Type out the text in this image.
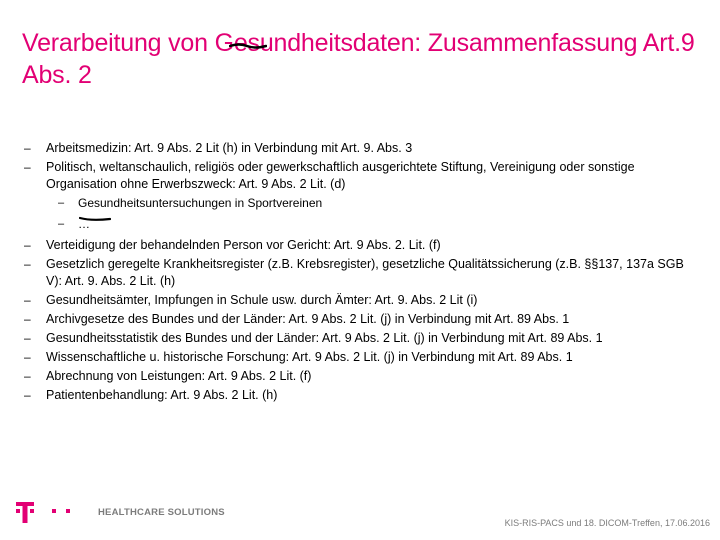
Verarbeitung von Gesundheitsdaten: Zusammenfassung Art.9 Abs. 2
–	Arbeitsmedizin: Art. 9 Abs. 2 Lit (h) in Verbindung mit Art. 9. Abs. 3
–	Politisch, weltanschaulich, religiös oder gewerkschaftlich ausgerichtete Stiftung, Vereinigung oder sonstige Organisation ohne Erwerbszweck: Art. 9 Abs. 2 Lit. (d)
– Gesundheitsuntersuchungen in Sportvereinen
– …
–	Verteidigung der behandelnden Person vor Gericht: Art. 9 Abs. 2. Lit. (f)
–	Gesetzlich geregelte Krankheitsregister (z.B. Krebsregister), gesetzliche Qualitätssicherung (z.B. §§137, 137a SGB V): Art. 9. Abs. 2 Lit. (h)
–	Gesundheitsämter, Impfungen in Schule usw. durch Ämter: Art. 9. Abs. 2 Lit (i)
–	Archivgesetze des Bundes und der Länder: Art. 9 Abs. 2 Lit. (j) in Verbindung mit Art. 89 Abs. 1
–	Gesundheitsstatistik des Bundes und der Länder: Art. 9 Abs. 2 Lit. (j) in Verbindung mit Art. 89 Abs. 1
–	Wissenschaftliche u. historische Forschung: Art. 9 Abs. 2 Lit. (j) in Verbindung mit Art. 89 Abs. 1
–	Abrechnung von Leistungen: Art. 9 Abs. 2 Lit. (f)
–	Patientenbehandlung: Art. 9 Abs. 2 Lit. (h)
HEALTHCARE SOLUTIONS
KIS-RIS-PACS und 18. DICOM-Treffen, 17.06.2016
